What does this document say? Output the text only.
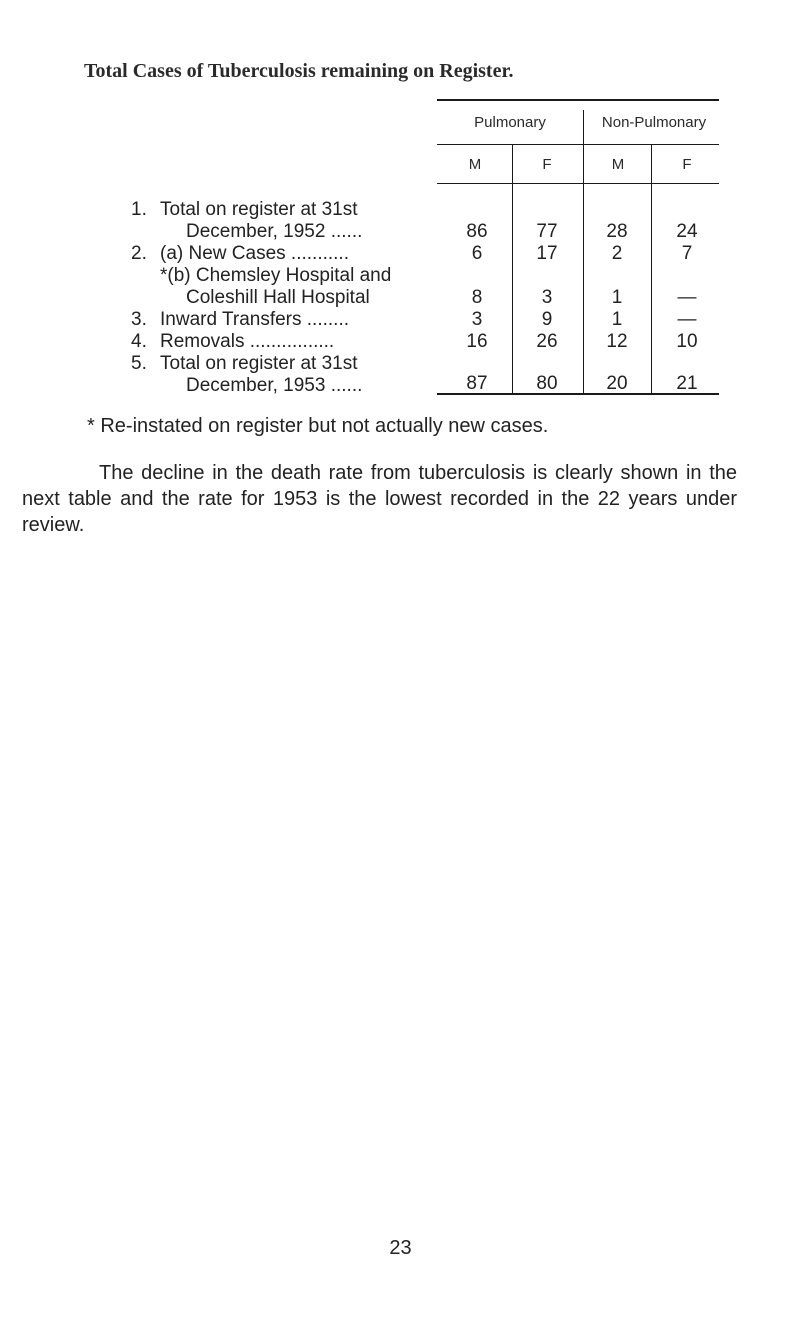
Total Cases of Tuberculosis remaining on Register.
Pulmonary	Non-Pulmonary
M	F	M	F
1. Total on register at 31st
December, 1952 ......	86	77	28	24
2. (a) New Cases ...........	6	17	2	7
*(b) Chemsley Hospital and
Coleshill Hall Hospital	8	3	1	—
3. Inward Transfers ........	3	9	1	—
4. Removals ................	16	26	12	10
5. Total on register at 31st
December, 1953 ......	87	80	20	21
* Re-instated on register but not actually new cases.

The decline in the death rate from tuberculosis is clearly shown in the next table and the rate for 1953 is the lowest recorded in the 22 years under review.

23
